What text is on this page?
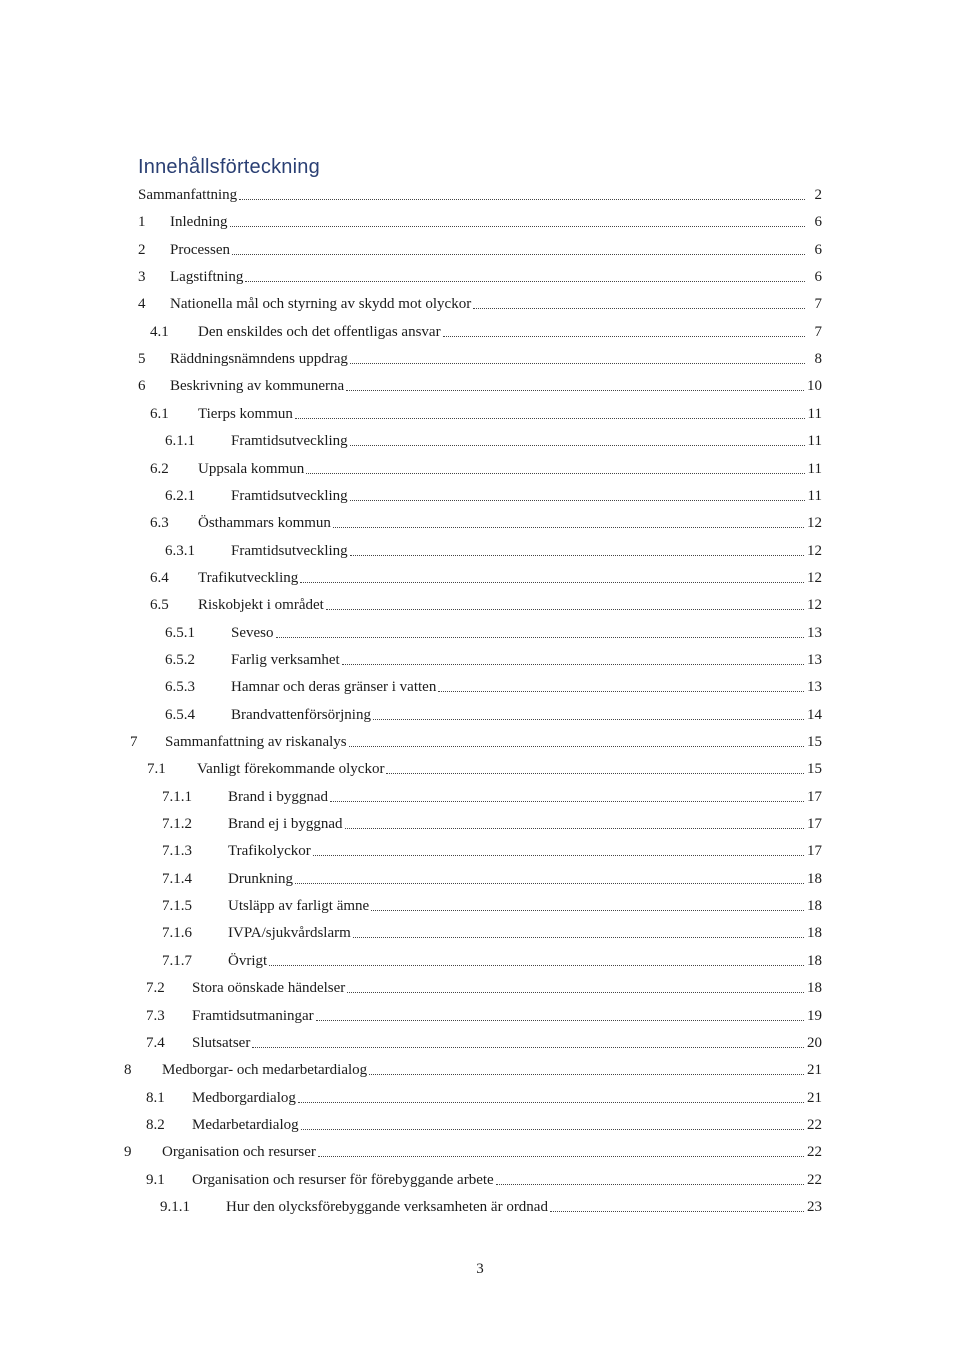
Innehållsförteckning
Sammanfattning	2
1	Inledning	6
2	Processen	6
3	Lagstiftning	6
4	Nationella mål och styrning av skydd mot olyckor	7
4.1	Den enskildes och det offentligas ansvar	7
5	Räddningsnämndens uppdrag	8
6	Beskrivning av kommunerna	10
6.1	Tierps kommun	11
6.1.1	Framtidsutveckling	11
6.2	Uppsala kommun	11
6.2.1	Framtidsutveckling	11
6.3	Östhammars kommun	12
6.3.1	Framtidsutveckling	12
6.4	Trafikutveckling	12
6.5	Riskobjekt i området	12
6.5.1	Seveso	13
6.5.2	Farlig verksamhet	13
6.5.3	Hamnar och deras gränser i vatten	13
6.5.4	Brandvattenförsörjning	14
7	Sammanfattning av riskanalys	15
7.1	Vanligt förekommande olyckor	15
7.1.1	Brand i byggnad	17
7.1.2	Brand ej i byggnad	17
7.1.3	Trafikolyckor	17
7.1.4	Drunkning	18
7.1.5	Utsläpp av farligt ämne	18
7.1.6	IVPA/sjukvårdslarm	18
7.1.7	Övrigt	18
7.2	Stora oönskade händelser	18
7.3	Framtidsutmaningar	19
7.4	Slutsatser	20
8	Medborgar- och medarbetardialog	21
8.1	Medborgardialog	21
8.2	Medarbetardialog	22
9	Organisation och resurser	22
9.1	Organisation och resurser för förebyggande arbete	22
9.1.1	Hur den olycksförebyggande verksamheten är ordnad	23
3
